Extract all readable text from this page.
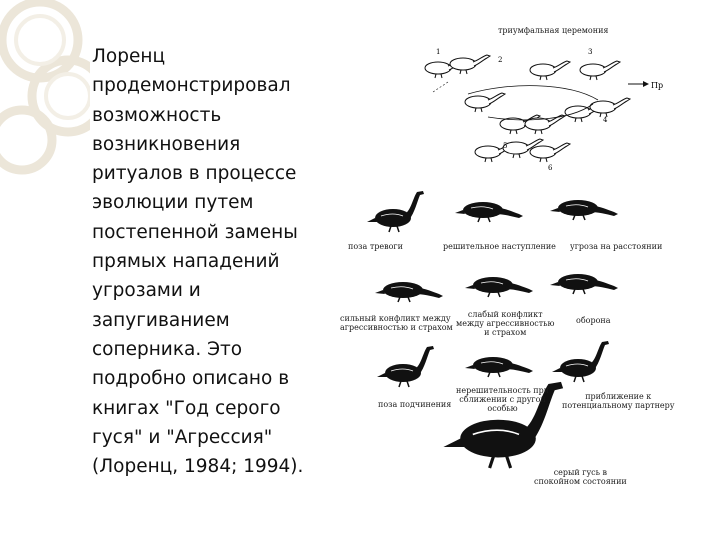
Лоренц
продемонстрировал
возможность
возникновения
ритуалов в процессе
эволюции путем
постепенной замены
прямых нападений
угрозами и
запугиванием
соперника. Это
подробно описано в
книгах "Год серого
гуся" и "Агрессия"
(Лоренц, 1984; 1994).
1
2
3
4
5
6
Пр
триумфальная церемония
поза тревоги	решительное наступление угроза на расстоянии
сильный конфликт между
агрессивностью и страхом
слабый конфликт
между агрессивностью
и страхом
оборона
поза подчинения
нерешительность при
сближении с другой
особью
приближение к
потенциальному партнеру
серый гусь в
спокойном состоянии
